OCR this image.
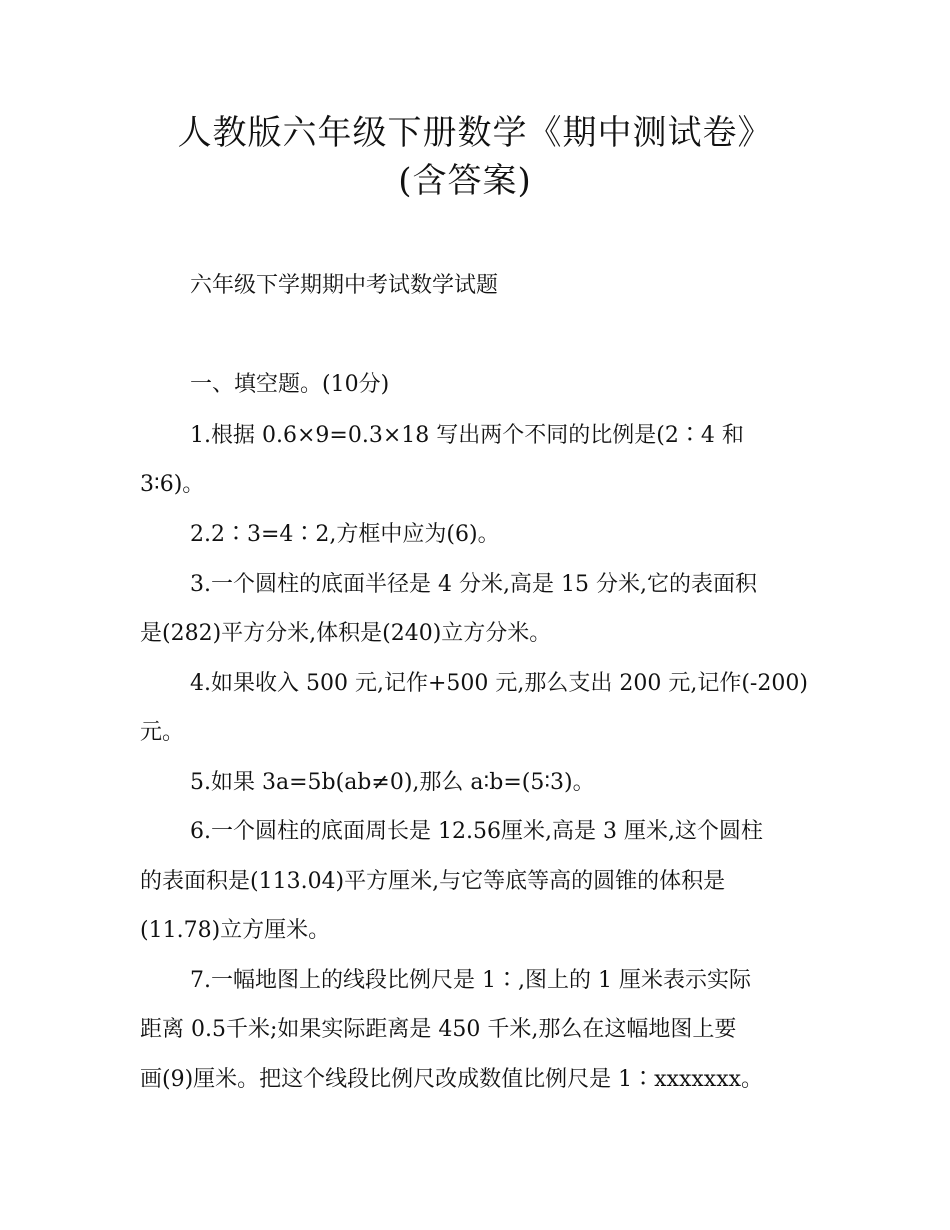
人教版六年级下册数学《期中测试卷》
(含答案)
六年级下学期期中考试数学试题
一、填空题。(10分)
1.根据 0.6×9=0.3×18 写出两个不同的比例是(2∶4 和
3∶6)。
2.2∶3=4∶2,方框中应为(6)。
3.一个圆柱的底面半径是 4 分米,高是 15 分米,它的表面积
是(282)平方分米,体积是(240)立方分米。
4.如果收入 500 元,记作+500 元,那么支出 200 元,记作(-200)
元。
5.如果 3a=5b(ab≠0),那么 a∶b=(5∶3)。
6.一个圆柱的底面周长是 12.56厘米,高是 3 厘米,这个圆柱
的表面积是(113.04)平方厘米,与它等底等高的圆锥的体积是
(11.78)立方厘米。
7.一幅地图上的线段比例尺是 1∶,图上的 1 厘米表示实际
距离 0.5千米;如果实际距离是 450 千米,那么在这幅地图上要
画(9)厘米。把这个线段比例尺改成数值比例尺是 1∶xxxxxxx。
